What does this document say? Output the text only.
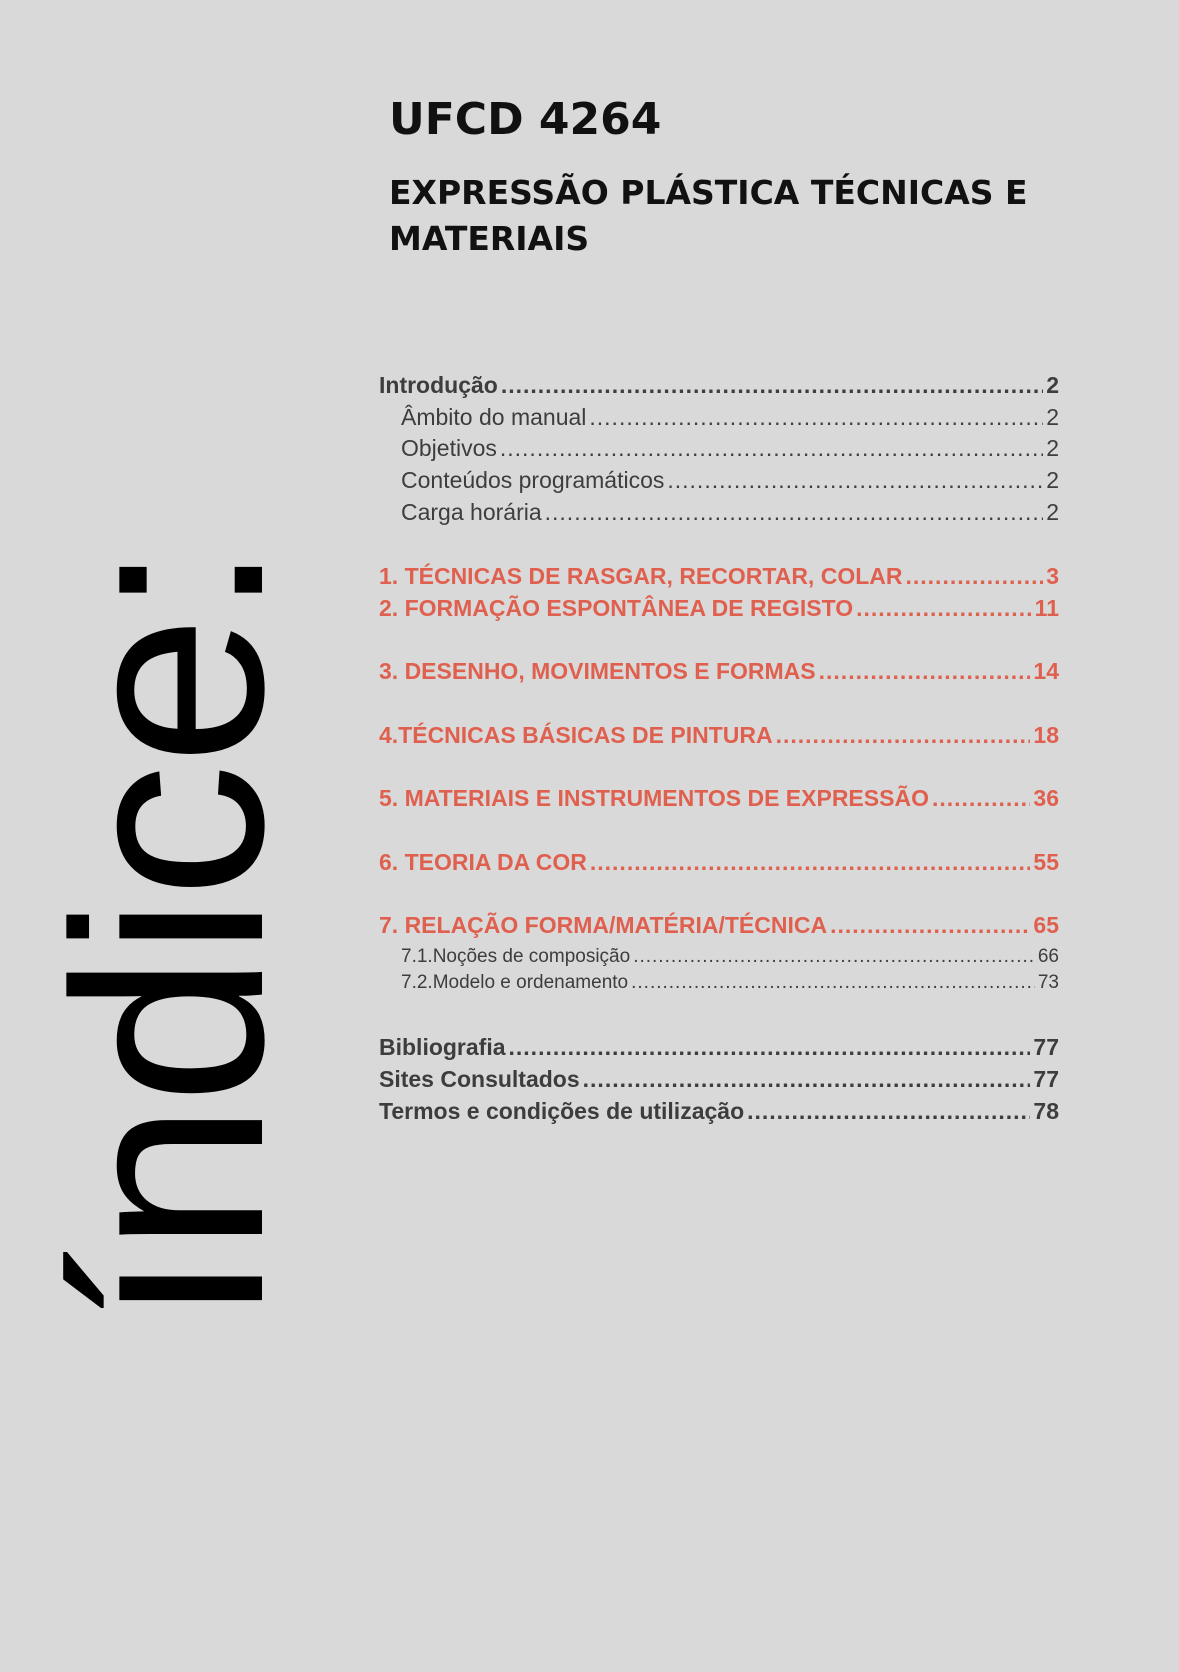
índice:
UFCD 4264
EXPRESSÃO PLÁSTICA TÉCNICAS E MATERIAIS
Introdução .....	2
Âmbito do manual .....	2
Objetivos .....	2
Conteúdos programáticos .....	2
Carga horária .....	2
1. TÉCNICAS DE RASGAR, RECORTAR, COLAR .....	3
2. FORMAÇÃO ESPONTÂNEA DE REGISTO .....	11
3. DESENHO, MOVIMENTOS E FORMAS .....	14
4.TÉCNICAS BÁSICAS DE PINTURA .....	18
5. MATERIAIS E INSTRUMENTOS DE EXPRESSÃO .....	36
6. TEORIA DA COR .....	55
7. RELAÇÃO FORMA/MATÉRIA/TÉCNICA .....	65
7.1.Noções de composição .....	66
7.2.Modelo e ordenamento .....	73
Bibliografia .....	77
Sites Consultados .....	77
Termos e condições de utilização .....	78
